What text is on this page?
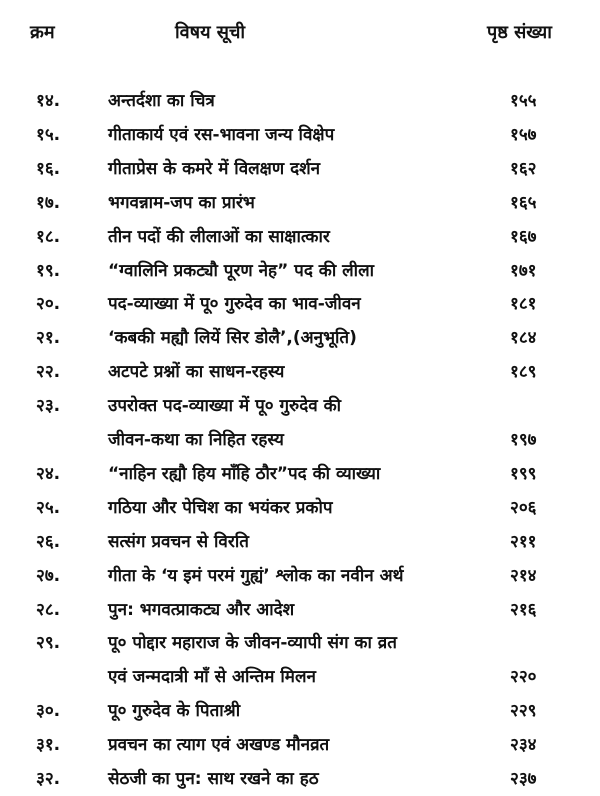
क्रम	विषय सूची	पृष्ठ संख्या
१४.	अन्तर्दशा का चित्र	१५५
१५.	गीताकार्य एवं रस-भावना जन्य विक्षेप	१५७
१६.	गीताप्रेस के कमरे में विलक्षण दर्शन	१६२
१७.	भगवन्नाम-जप का प्रारंभ	१६५
१८.	तीन पदों की लीलाओं का साक्षात्कार	१६७
१९.	“ग्वालिनि प्रकट्यौ पूरण नेह” पद की लीला	१७१
२०.	पद-व्याख्या में पू० गुरुदेव का भाव-जीवन	१८१
२१.	‘कबकी मह्यौ लियें सिर डोलै’,(अनुभूति)	१८४
२२.	अटपटे प्रश्नों का साधन-रहस्य	१८९
२३.	उपरोक्त पद-व्याख्या में पू० गुरुदेव की
जीवन-कथा का निहित रहस्य	१९७
२४.	“नाहिन रह्यौ हिय माँहि ठौर”पद की व्याख्या	१९९
२५.	गठिया और पेचिश का भयंकर प्रकोप	२०६
२६.	सत्संग प्रवचन से विरति	२११
२७.	गीता के ‘य इमं परमं गुह्यं’ श्लोक का नवीन अर्थ	२१४
२८.	पुन: भगवत्प्राकट्य और आदेश	२१६
२९.	पू० पोद्दार महाराज के जीवन-व्यापी संग का व्रत
एवं जन्मदात्री माँ से अन्तिम मिलन	२२०
३०.	पू० गुरुदेव के पिताश्री	२२९
३१.	प्रवचन का त्याग एवं अखण्ड मौनव्रत	२३४
३२.	सेठजी का पुन: साथ रखने का हठ	२३७
